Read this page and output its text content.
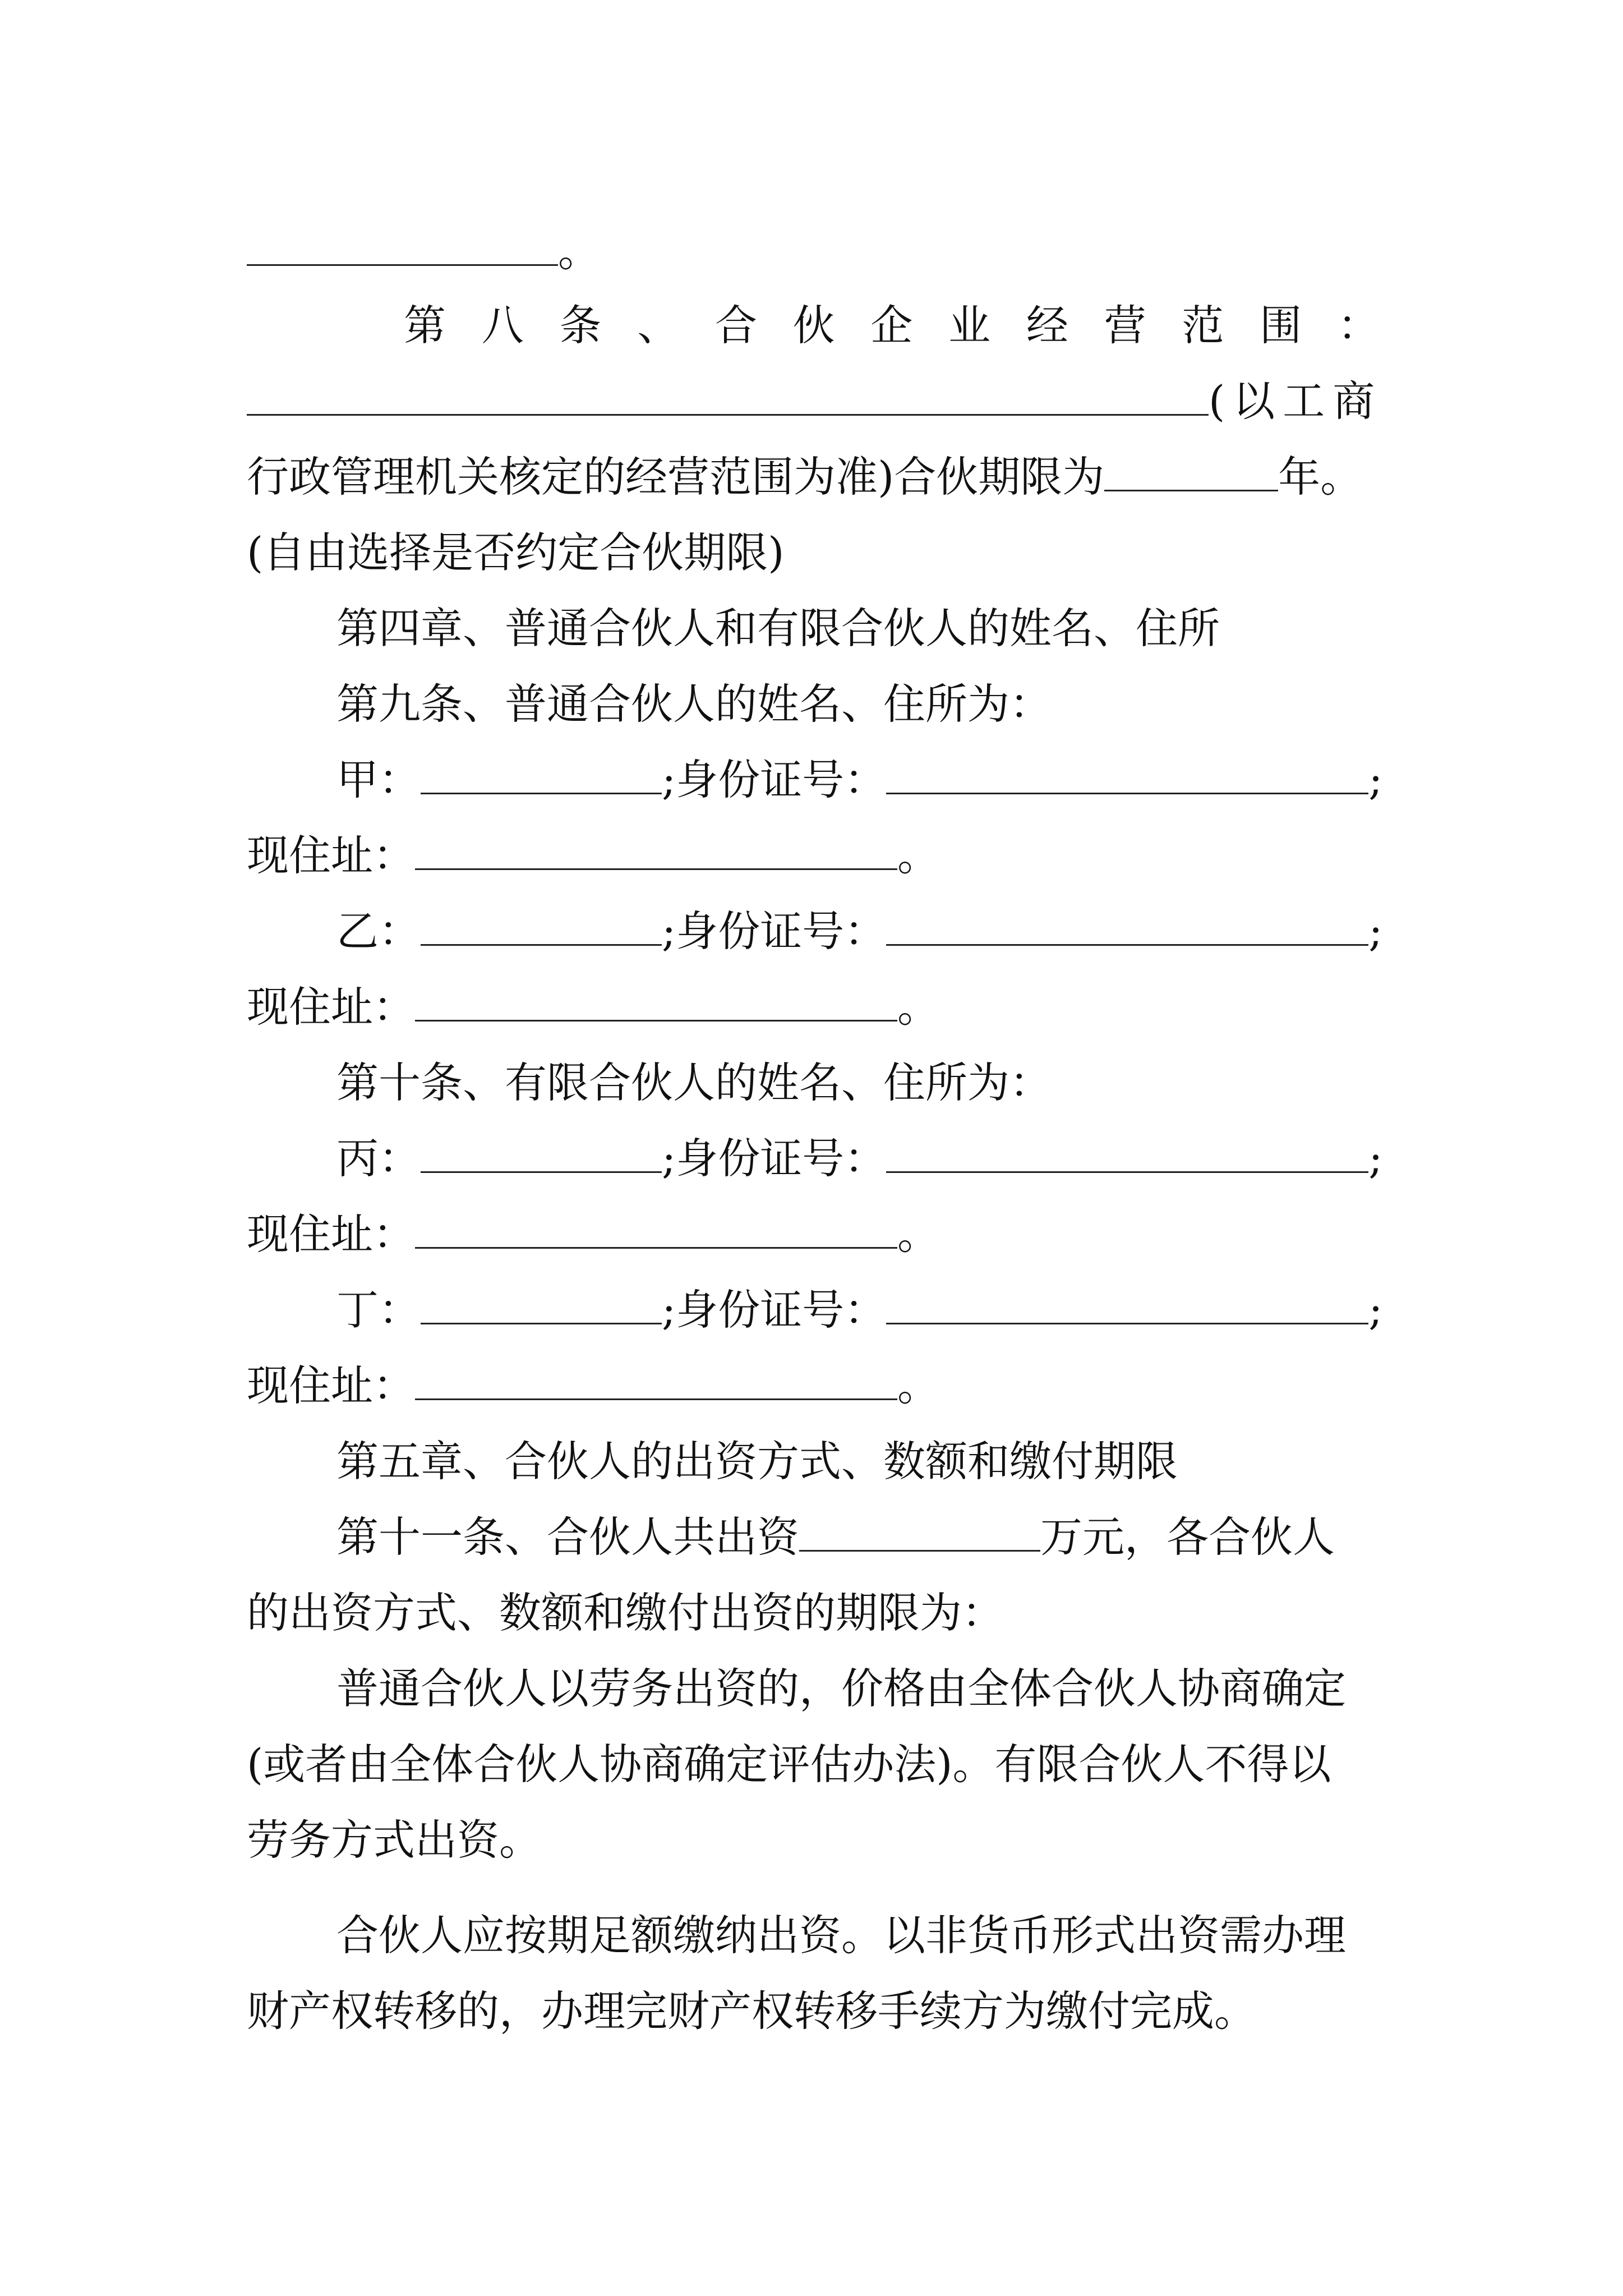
。
第 八 条 、 合 伙 企 业 经 营 范 围 ：
(以工商
行政管理机关核定的经营范围为准)合伙期限为	年。
(自由选择是否约定合伙期限)
第四章、普通合伙人和有限合伙人的姓名、住所
第九条、普通合伙人的姓名、住所为：
甲：	;身份证号：	;
现住址：	。
乙：	;身份证号：	;
现住址：	。
第十条、有限合伙人的姓名、住所为：
丙：	;身份证号：	;
现住址：	。
丁：	;身份证号：	;
现住址：	。
第五章、合伙人的出资方式、数额和缴付期限
第十一条、合伙人共出资	万元，各合伙人
的出资方式、数额和缴付出资的期限为：
普通合伙人以劳务出资的，价格由全体合伙人协商确定
(或者由全体合伙人协商确定评估办法)。有限合伙人不得以
劳务方式出资。
合伙人应按期足额缴纳出资。以非货币形式出资需办理
财产权转移的，办理完财产权转移手续方为缴付完成。
